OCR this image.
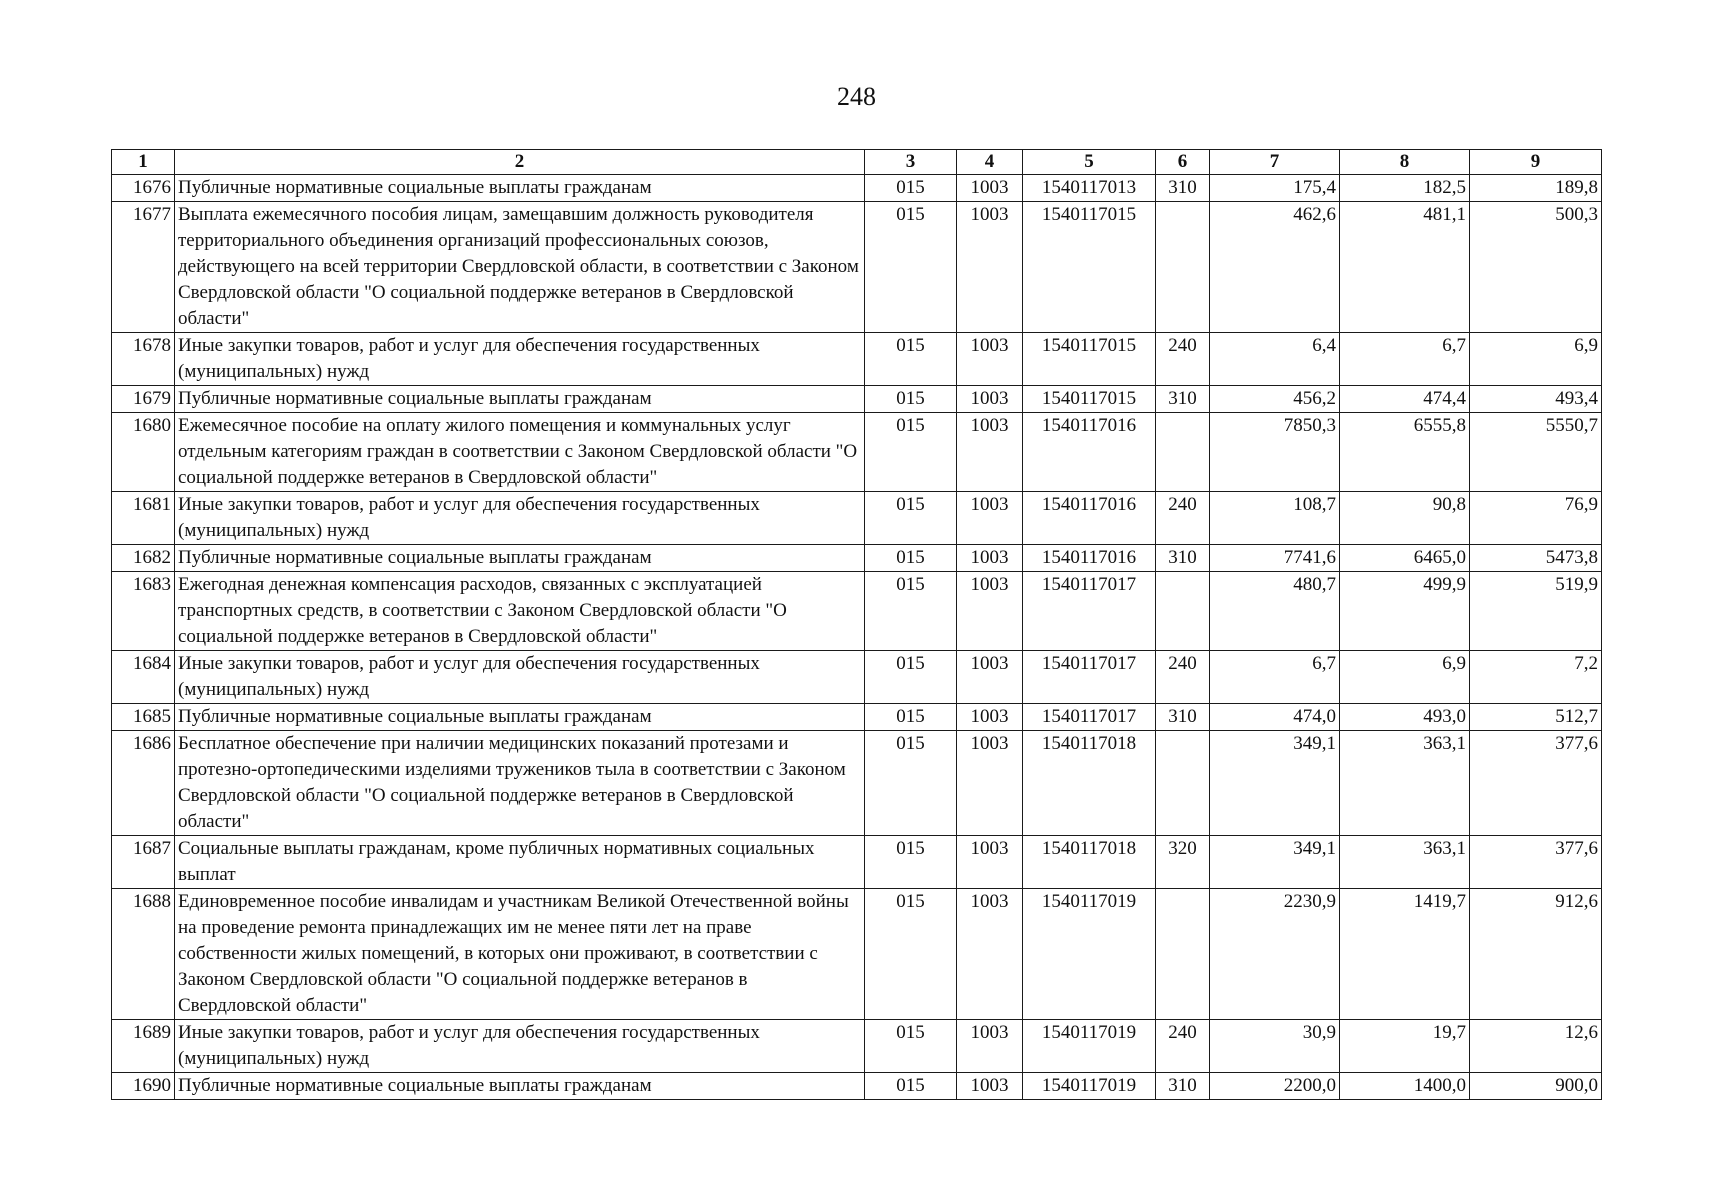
248
1	2	3	4	5	6	7	8	9
1676	Публичные нормативные социальные выплаты гражданам	015	1003	1540117013	310	175,4	182,5	189,8
1677	Выплата ежемесячного пособия лицам, замещавшим должность руководителя территориального объединения организаций профессиональных союзов, действующего на всей территории Свердловской области, в соответствии с Законом Свердловской области "О социальной поддержке ветеранов в Свердловской области"	015	1003	1540117015		462,6	481,1	500,3
1678	Иные закупки товаров, работ и услуг для обеспечения государственных (муниципальных) нужд	015	1003	1540117015	240	6,4	6,7	6,9
1679	Публичные нормативные социальные выплаты гражданам	015	1003	1540117015	310	456,2	474,4	493,4
1680	Ежемесячное пособие на оплату жилого помещения и коммунальных услуг отдельным категориям граждан в соответствии с Законом Свердловской области "О социальной поддержке ветеранов в Свердловской области"	015	1003	1540117016		7850,3	6555,8	5550,7
1681	Иные закупки товаров, работ и услуг для обеспечения государственных (муниципальных) нужд	015	1003	1540117016	240	108,7	90,8	76,9
1682	Публичные нормативные социальные выплаты гражданам	015	1003	1540117016	310	7741,6	6465,0	5473,8
1683	Ежегодная денежная компенсация расходов, связанных с эксплуатацией транспортных средств, в соответствии с Законом Свердловской области "О социальной поддержке ветеранов в Свердловской области"	015	1003	1540117017		480,7	499,9	519,9
1684	Иные закупки товаров, работ и услуг для обеспечения государственных (муниципальных) нужд	015	1003	1540117017	240	6,7	6,9	7,2
1685	Публичные нормативные социальные выплаты гражданам	015	1003	1540117017	310	474,0	493,0	512,7
1686	Бесплатное обеспечение при наличии медицинских показаний протезами и протезно-ортопедическими изделиями тружеников тыла в соответствии с Законом Свердловской области "О социальной поддержке ветеранов в Свердловской области"	015	1003	1540117018		349,1	363,1	377,6
1687	Социальные выплаты гражданам, кроме публичных нормативных социальных выплат	015	1003	1540117018	320	349,1	363,1	377,6
1688	Единовременное пособие инвалидам и участникам Великой Отечественной войны на проведение ремонта принадлежащих им не менее пяти лет на праве собственности жилых помещений, в которых они проживают, в соответствии с Законом Свердловской области "О социальной поддержке ветеранов в Свердловской области"	015	1003	1540117019		2230,9	1419,7	912,6
1689	Иные закупки товаров, работ и услуг для обеспечения государственных (муниципальных) нужд	015	1003	1540117019	240	30,9	19,7	12,6
1690	Публичные нормативные социальные выплаты гражданам	015	1003	1540117019	310	2200,0	1400,0	900,0
